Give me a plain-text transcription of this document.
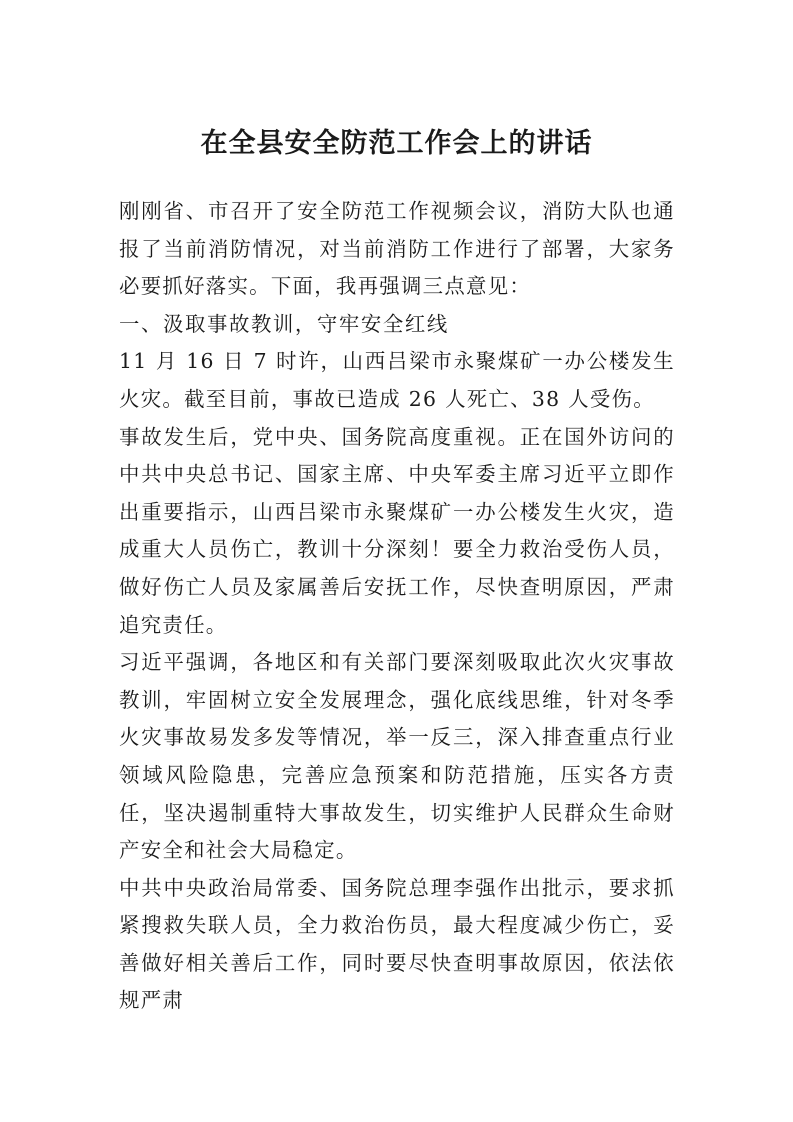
在全县安全防范工作会上的讲话

刚刚省、市召开了安全防范工作视频会议，消防大队也通报了当前消防情况，对当前消防工作进行了部署，大家务必要抓好落实。下面，我再强调三点意见：

一、汲取事故教训，守牢安全红线

11 月 16 日 7 时许，山西吕梁市永聚煤矿一办公楼发生火灾。截至目前，事故已造成 26 人死亡、38 人受伤。

事故发生后，党中央、国务院高度重视。正在国外访问的中共中央总书记、国家主席、中央军委主席习近平立即作出重要指示，山西吕梁市永聚煤矿一办公楼发生火灾，造成重大人员伤亡，教训十分深刻！要全力救治受伤人员，做好伤亡人员及家属善后安抚工作，尽快查明原因，严肃追究责任。

习近平强调，各地区和有关部门要深刻吸取此次火灾事故教训，牢固树立安全发展理念，强化底线思维，针对冬季火灾事故易发多发等情况，举一反三，深入排查重点行业领域风险隐患，完善应急预案和防范措施，压实各方责任，坚决遏制重特大事故发生，切实维护人民群众生命财产安全和社会大局稳定。

中共中央政治局常委、国务院总理李强作出批示，要求抓紧搜救失联人员，全力救治伤员，最大程度减少伤亡，妥善做好相关善后工作，同时要尽快查明事故原因，依法依规严肃
